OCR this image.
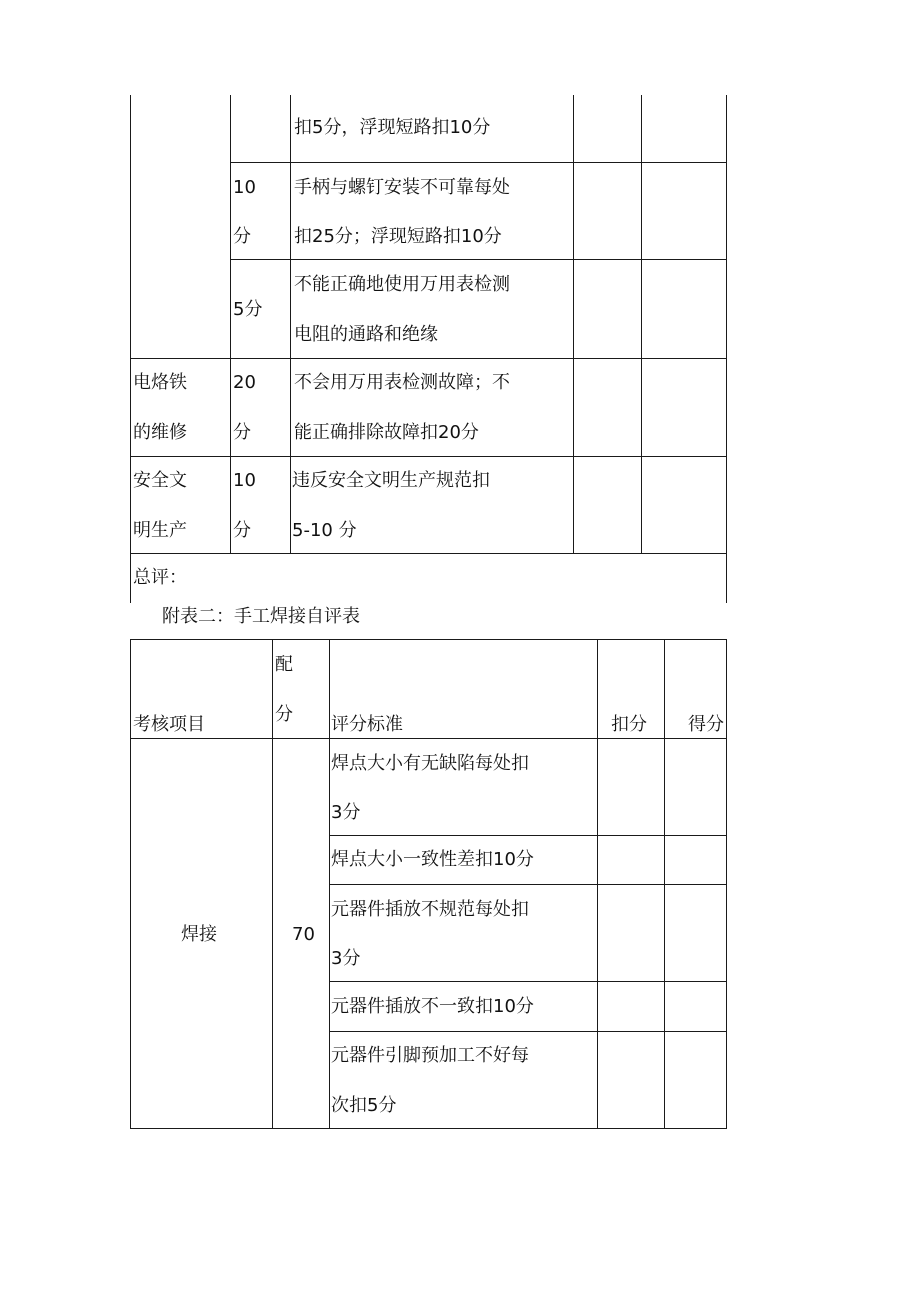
扣5分，浮现短路扣10分
10
分
手柄与螺钉安装不可靠每处
扣25分；浮现短路扣10分
5分
不能正确地使用万用表检测
电阻的通路和绝缘
电烙铁
的维修
20
分
不会用万用表检测故障；不
能正确排除故障扣20分
安全文
明生产
10
分
违反安全文明生产规范扣
5-10 分
总评：
附表二：手工焊接自评表
考核项目
配
分 评分标准	扣分 得分
焊接	70
焊点大小有无缺陷每处扣
3分
焊点大小一致性差扣10分
元器件插放不规范每处扣
3分
元器件插放不一致扣10分
元器件引脚预加工不好每
次扣5分
